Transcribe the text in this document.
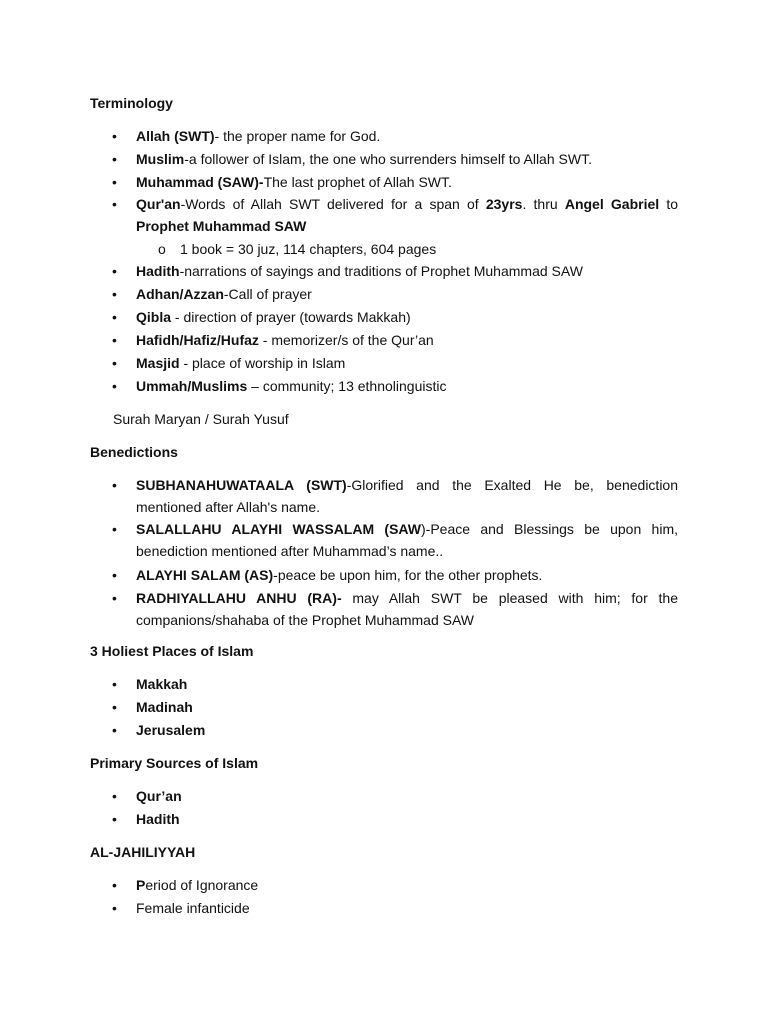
Terminology

•	Allah (SWT)- the proper name for God.
•	Muslim-a follower of Islam, the one who surrenders himself to Allah SWT.
•	Muhammad (SAW)-The last prophet of Allah SWT.
•	Qur'an-Words of Allah SWT delivered for a span of 23yrs. thru Angel Gabriel to Prophet Muhammad SAW
o 1 book = 30 juz, 114 chapters, 604 pages
•	Hadith-narrations of sayings and traditions of Prophet Muhammad SAW
•	Adhan/Azzan-Call of prayer
•	Qibla - direction of prayer (towards Makkah)
•	Hafidh/Hafiz/Hufaz - memorizer/s of the Qur’an
•	Masjid - place of worship in Islam
•	Ummah/Muslims – community; 13 ethnolinguistic

Surah Maryan / Surah Yusuf

Benedictions

•	SUBHANAHUWATAALA (SWT)-Glorified and the Exalted He be, benediction mentioned after Allah's name.
•	SALALLAHU ALAYHI WASSALAM (SAW)-Peace and Blessings be upon him, benediction mentioned after Muhammad’s name..
•	ALAYHI SALAM (AS)-peace be upon him, for the other prophets.
•	RADHIYALLAHU ANHU (RA)- may Allah SWT be pleased with him; for the companions/shahaba of the Prophet Muhammad SAW

3 Holiest Places of Islam

•	Makkah
•	Madinah
•	Jerusalem

Primary Sources of Islam

•	Qur’an
•	Hadith

AL-JAHILIYYAH

•	Period of Ignorance
•	Female infanticide
